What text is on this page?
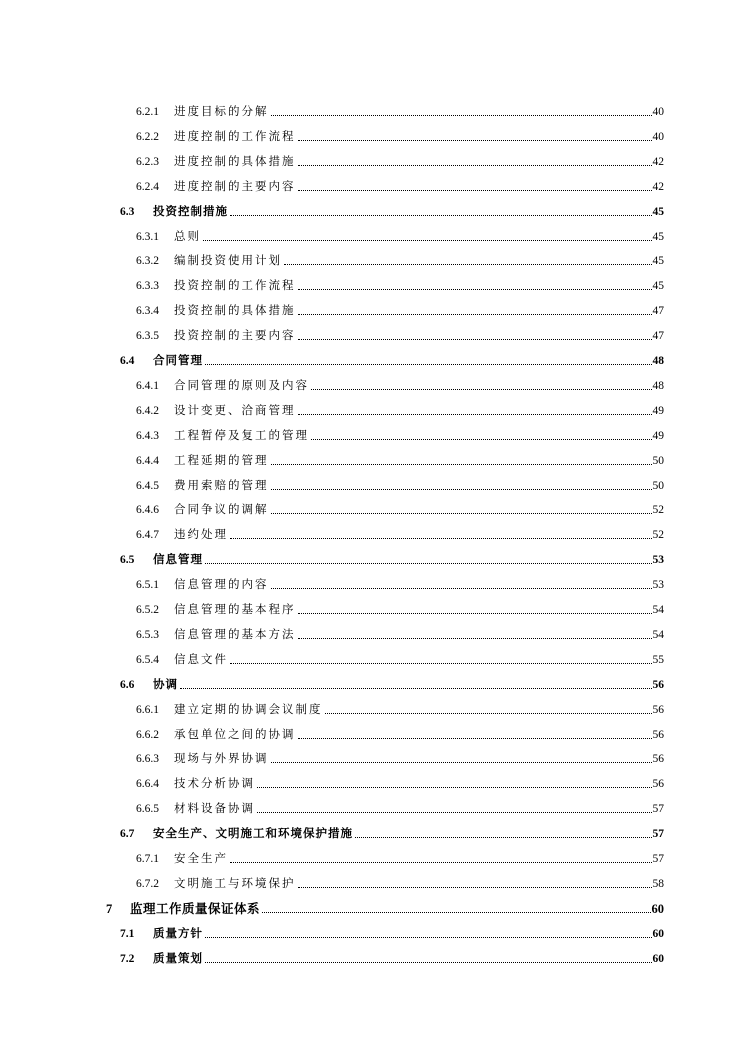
6.2.1	进度目标的分解	40
6.2.2	进度控制的工作流程	40
6.2.3	进度控制的具体措施	42
6.2.4	进度控制的主要内容	42
6.3	投资控制措施	45
6.3.1	总则	45
6.3.2	编制投资使用计划	45
6.3.3	投资控制的工作流程	45
6.3.4	投资控制的具体措施	47
6.3.5	投资控制的主要内容	47
6.4	合同管理	48
6.4.1	合同管理的原则及内容	48
6.4.2	设计变更、洽商管理	49
6.4.3	工程暂停及复工的管理	49
6.4.4	工程延期的管理	50
6.4.5	费用索赔的管理	50
6.4.6	合同争议的调解	52
6.4.7	违约处理	52
6.5	信息管理	53
6.5.1	信息管理的内容	53
6.5.2	信息管理的基本程序	54
6.5.3	信息管理的基本方法	54
6.5.4	信息文件	55
6.6	协调	56
6.6.1	建立定期的协调会议制度	56
6.6.2	承包单位之间的协调	56
6.6.3	现场与外界协调	56
6.6.4	技术分析协调	56
6.6.5	材料设备协调	57
6.7	安全生产、文明施工和环境保护措施	57
6.7.1	安全生产	57
6.7.2	文明施工与环境保护	58
7	监理工作质量保证体系	60
7.1	质量方针	60
7.2	质量策划	60
